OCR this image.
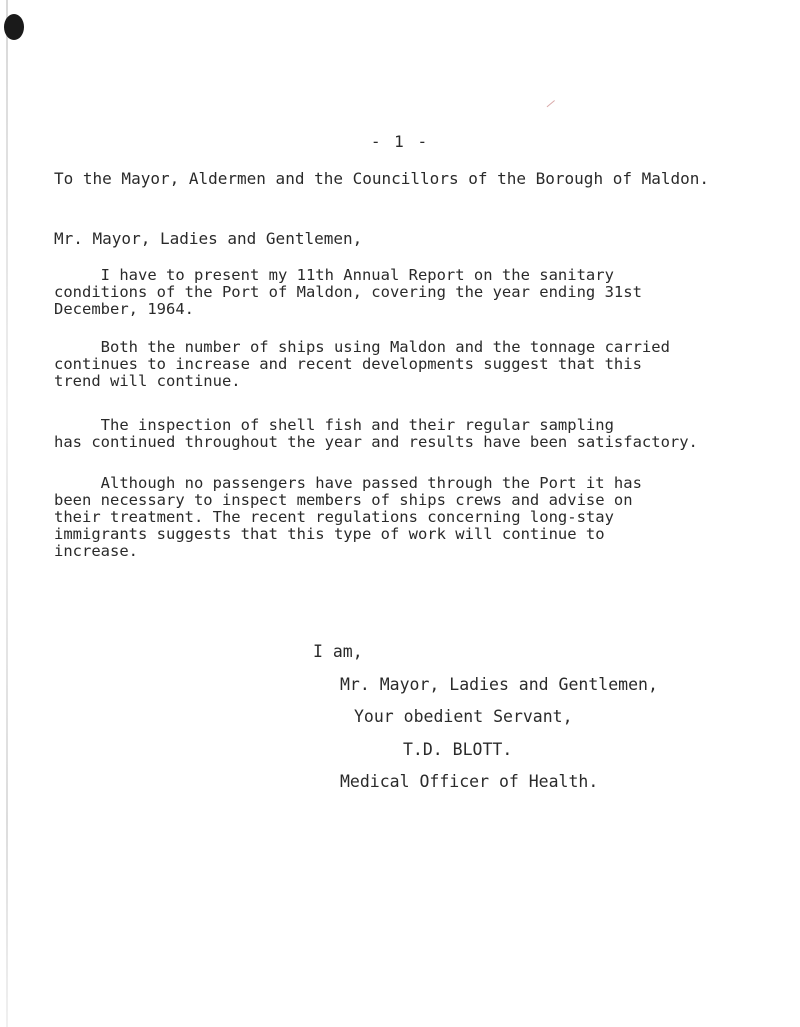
- 1 -
To the Mayor, Aldermen and the Councillors of the Borough of Maldon.
Mr. Mayor, Ladies and Gentlemen,
I have to present my 11th Annual Report on the sanitary
conditions of the Port of Maldon, covering the year ending 31st
December, 1964.
Both the number of ships using Maldon and the tonnage carried
continues to increase and recent developments suggest that this
trend will continue.
The inspection of shell fish and their regular sampling
has continued throughout the year and results have been satisfactory.
Although no passengers have passed through the Port it has
been necessary to inspect members of ships crews and advise on
their treatment. The recent regulations concerning long-stay
immigrants suggests that this type of work will continue to
increase.
I am,
Mr. Mayor, Ladies and Gentlemen,
Your obedient Servant,
T.D. BLOTT.
Medical Officer of Health.
